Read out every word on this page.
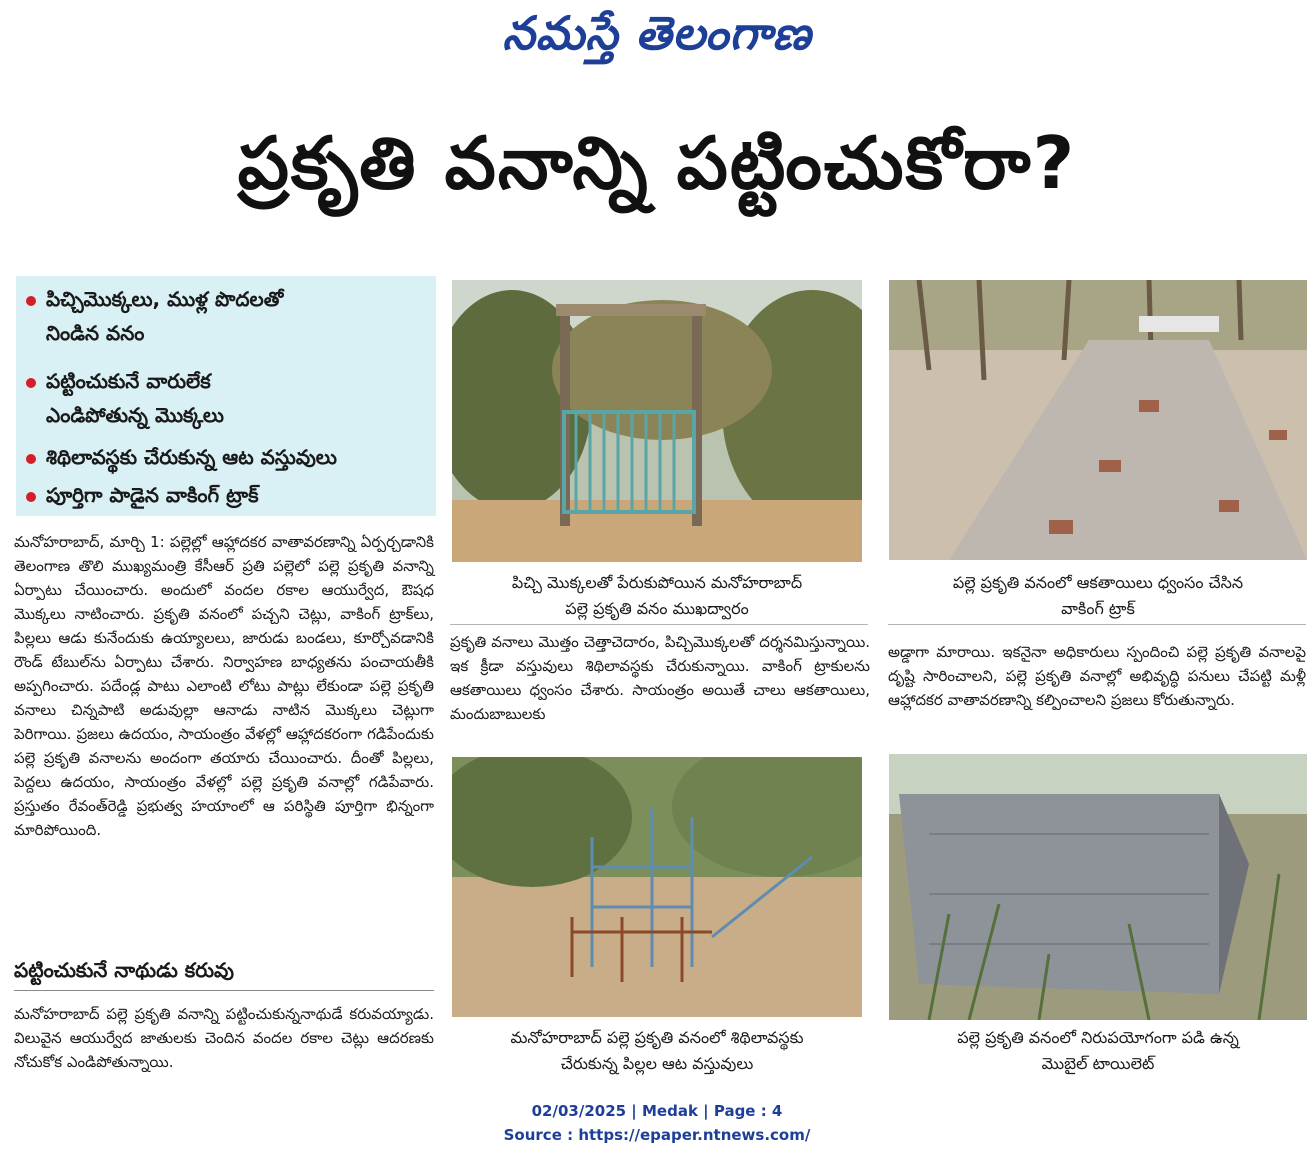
నమస్తే తెలంగాణ
ప్రకృతి వనాన్ని పట్టించుకోరా?
పిచ్చిమొక్కలు, ముళ్ల పొదలతో
నిండిన వనం
పట్టించుకునే వారులేక
ఎండిపోతున్న మొక్కలు
శిథిలావస్థకు చేరుకున్న ఆట వస్తువులు
పూర్తిగా పాడైన వాకింగ్ ట్రాక్
మనోహరాబాద్, మార్చి 1: పల్లెల్లో ఆహ్లాదకర వాతావరణాన్ని ఏర్పర్చడానికి తెలంగాణ తొలి ముఖ్యమంత్రి కేసీఆర్ ప్రతి పల్లెలో పల్లె ప్రకృతి వనాన్ని ఏర్పాటు చేయించారు. అందులో వందల రకాల ఆయుర్వేద, ఔషధ మొక్కలు నాటించారు. ప్రకృతి వనంలో పచ్చని చెట్లు, వాకింగ్ ట్రాక్‌లు, పిల్లలు ఆడు కునేందుకు ఉయ్యాలలు, జారుడు బండలు, కూర్చోవడానికి రౌండ్ టేబుల్‌ను ఏర్పాటు చేశారు. నిర్వాహణ బాధ్యతను పంచాయతీకి అప్పగించారు. పదేండ్ల పాటు ఎలాంటి లోటు పాట్లు లేకుండా పల్లె ప్రకృతి వనాలు చిన్నపాటి అడువుల్లా ఆనాడు నాటిన మొక్కలు చెట్లుగా పెరిగాయి. ప్రజలు ఉదయం, సాయంత్రం వేళల్లో ఆహ్లాదకరంగా గడిపేందుకు పల్లె ప్రకృతి వనాలను అందంగా తయారు చేయించారు. దీంతో పిల్లలు, పెద్దలు ఉదయం, సాయంత్రం వేళల్లో పల్లె ప్రకృతి వనాల్లో గడిపేవారు. ప్రస్తుతం రేవంత్‌రెడ్డి ప్రభుత్వ హయాంలో ఆ పరిస్థితి పూర్తిగా భిన్నంగా మారిపోయింది.
పట్టించుకునే నాథుడు కరువు
మనోహరాబాద్ పల్లె ప్రకృతి వనాన్ని పట్టించుకున్ననాథుడే కరువయ్యాడు. విలువైన ఆయుర్వేద జాతులకు చెందిన వందల రకాల చెట్లు ఆదరణకు నోచుకోక ఎండిపోతున్నాయి.
పిచ్చి మొక్కలతో పేరుకుపోయిన మనోహరాబాద్
పల్లె ప్రకృతి వనం ముఖద్వారం
పల్లె ప్రకృతి వనంలో ఆకతాయిలు ధ్వంసం చేసిన
వాకింగ్ ట్రాక్
ప్రకృతి వనాలు మొత్తం చెత్తాచెదారం, పిచ్చిమొక్కలతో దర్శనమిస్తున్నాయి. ఇక క్రీడా వస్తువులు శిథిలావస్థకు చేరుకున్నాయి. వాకింగ్ ట్రాకులను ఆకతాయిలు ధ్వంసం చేశారు. సాయంత్రం అయితే చాలు ఆకతాయిలు, మందుబాబులకు
అడ్డాగా మారాయి. ఇకనైనా అధికారులు స్పందించి పల్లె ప్రకృతి వనాలపై దృష్టి సారించాలని, పల్లె ప్రకృతి వనాల్లో అభివృద్ధి పనులు చేపట్టి మళ్లీ ఆహ్లాదకర వాతావరణాన్ని కల్పించాలని ప్రజలు కోరుతున్నారు.
మనోహరాబాద్ పల్లె ప్రకృతి వనంలో శిథిలావస్థకు
చేరుకున్న పిల్లల ఆట వస్తువులు
పల్లె ప్రకృతి వనంలో నిరుపయోగంగా పడి ఉన్న
మొబైల్ టాయిలెట్
02/03/2025 | Medak | Page : 4
Source : https://epaper.ntnews.com/
